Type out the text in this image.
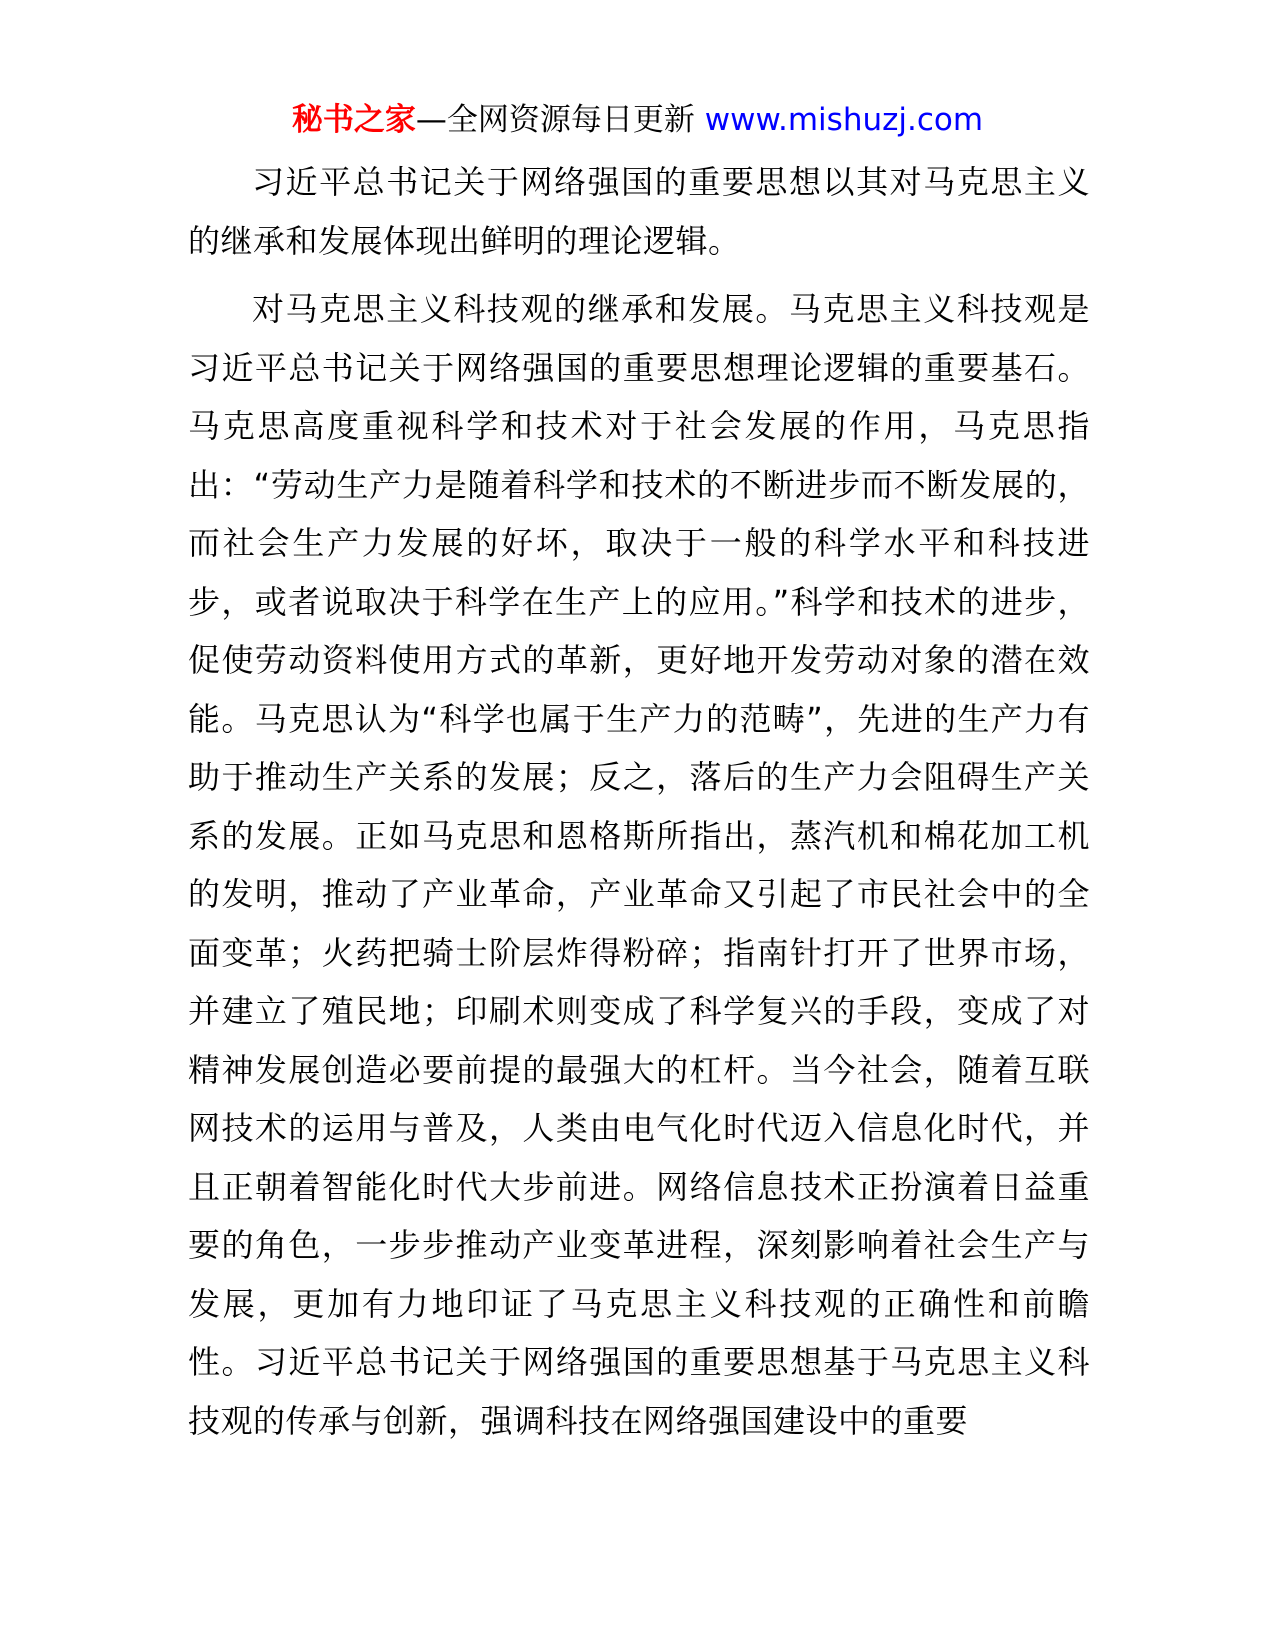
秘书之家—全网资源每日更新 www.mishuzj.com

习近平总书记关于网络强国的重要思想以其对马克思主义的继承和发展体现出鲜明的理论逻辑。

对马克思主义科技观的继承和发展。马克思主义科技观是习近平总书记关于网络强国的重要思想理论逻辑的重要基石。马克思高度重视科学和技术对于社会发展的作用，马克思指出：“劳动生产力是随着科学和技术的不断进步而不断发展的，而社会生产力发展的好坏，取决于一般的科学水平和科技进步，或者说取决于科学在生产上的应用。”科学和技术的进步，促使劳动资料使用方式的革新，更好地开发劳动对象的潜在效能。马克思认为“科学也属于生产力的范畴”，先进的生产力有助于推动生产关系的发展；反之，落后的生产力会阻碍生产关系的发展。正如马克思和恩格斯所指出，蒸汽机和棉花加工机的发明，推动了产业革命，产业革命又引起了市民社会中的全面变革；火药把骑士阶层炸得粉碎；指南针打开了世界市场，并建立了殖民地；印刷术则变成了科学复兴的手段，变成了对精神发展创造必要前提的最强大的杠杆。当今社会，随着互联网技术的运用与普及，人类由电气化时代迈入信息化时代，并且正朝着智能化时代大步前进。网络信息技术正扮演着日益重要的角色，一步步推动产业变革进程，深刻影响着社会生产与发展，更加有力地印证了马克思主义科技观的正确性和前瞻性。习近平总书记关于网络强国的重要思想基于马克思主义科技观的传承与创新，强调科技在网络强国建设中的重要
